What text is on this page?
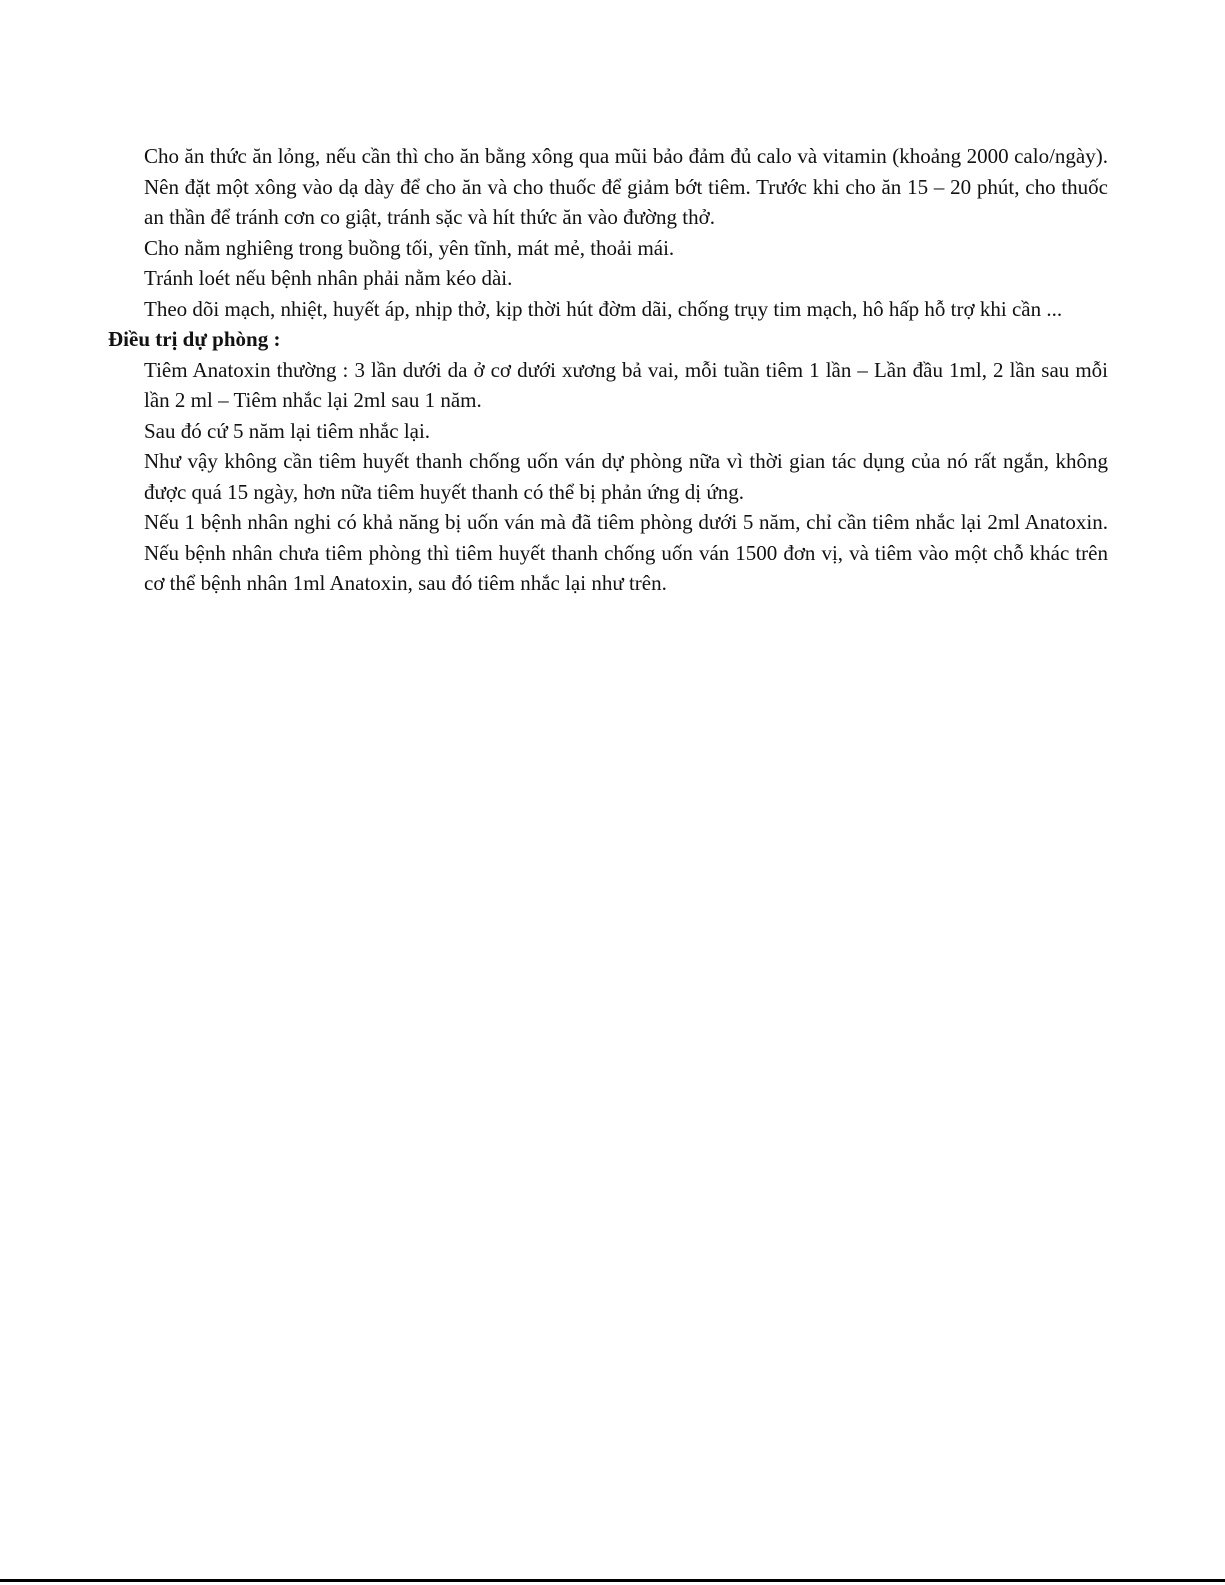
Cho ăn thức ăn lỏng, nếu cần thì cho ăn bằng xông qua mũi bảo đảm đủ calo và vitamin (khoảng 2000 calo/ngày). Nên đặt một xông vào dạ dày để cho ăn và cho thuốc để giảm bớt tiêm. Trước khi cho ăn 15 – 20 phút, cho thuốc an thần để tránh cơn co giật, tránh sặc và hít thức ăn vào đường thở.

Cho nằm nghiêng trong buồng tối, yên tĩnh, mát mẻ, thoải mái.

Tránh loét nếu bệnh nhân phải nằm kéo dài.

Theo dõi mạch, nhiệt, huyết áp, nhịp thở, kịp thời hút đờm dãi, chống trụy tim mạch, hô hấp hỗ trợ khi cần ...

Điều trị dự phòng :

Tiêm Anatoxin thường : 3 lần dưới da ở cơ dưới xương bả vai, mỗi tuần tiêm 1 lần – Lần đầu 1ml, 2 lần sau mỗi lần 2 ml – Tiêm nhắc lại 2ml sau 1 năm.

Sau đó cứ 5 năm lại tiêm nhắc lại.

Như vậy không cần tiêm huyết thanh chống uốn ván dự phòng nữa vì thời gian tác dụng của nó rất ngắn, không được quá 15 ngày, hơn nữa tiêm huyết thanh có thể bị phản ứng dị ứng.

Nếu 1 bệnh nhân nghi có khả năng bị uốn ván mà đã tiêm phòng dưới 5 năm, chỉ cần tiêm nhắc lại 2ml Anatoxin. Nếu bệnh nhân chưa tiêm phòng thì tiêm huyết thanh chống uốn ván 1500 đơn vị, và tiêm vào một chỗ khác trên cơ thể bệnh nhân 1ml Anatoxin, sau đó tiêm nhắc lại như trên.
